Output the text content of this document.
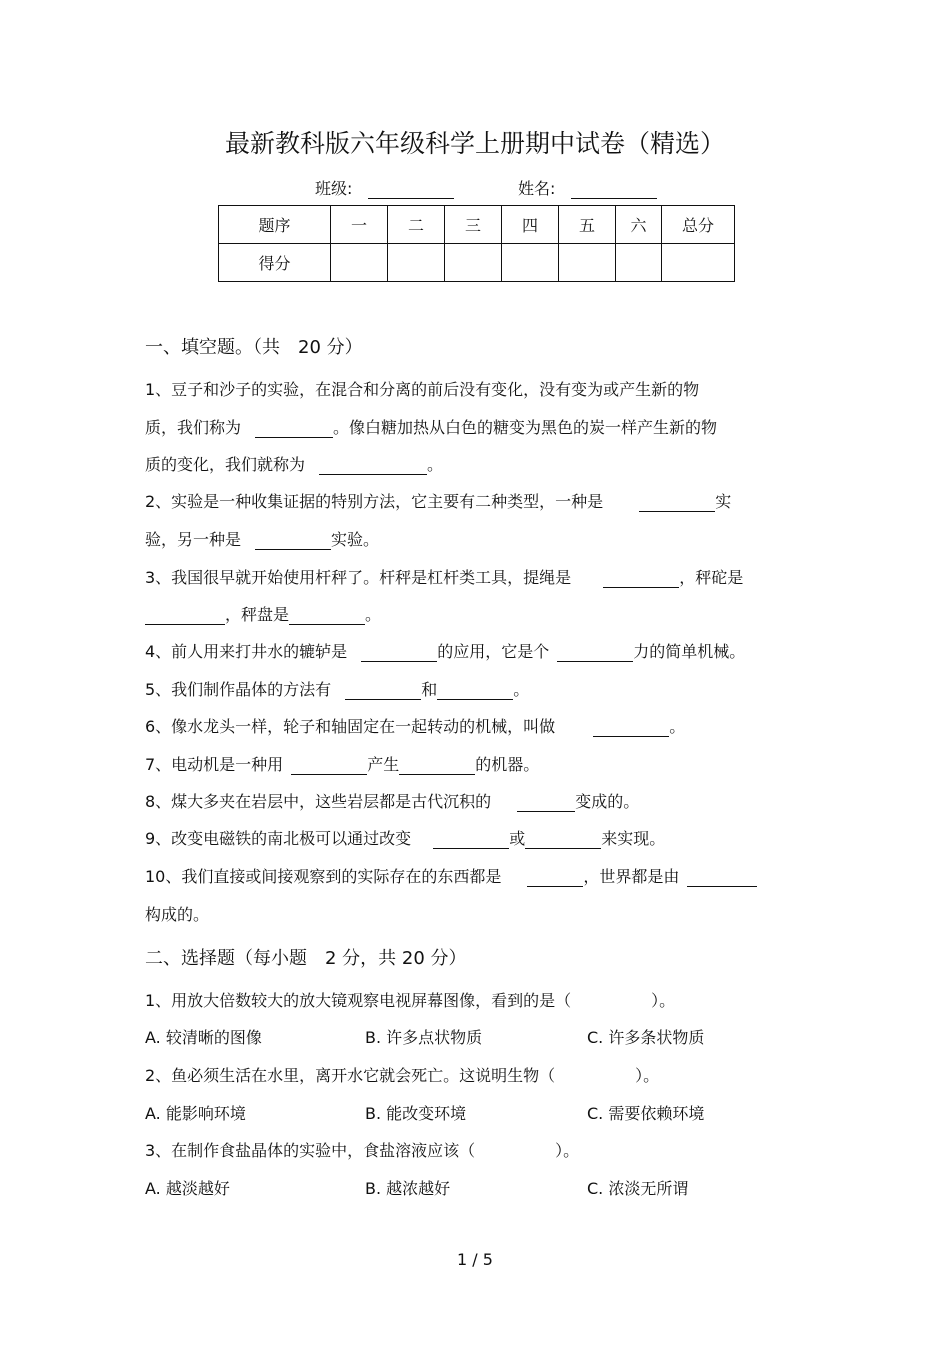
最新教科版六年级科学上册期中试卷（精选）
班级:	姓名:
题序	一	二	三	四	五	六	总分
得分							
一、填空题。（共　20 分）
1、豆子和沙子的实验，在混合和分离的前后没有变化，没有变为或产生新的物
质，我们称为	。像白糖加热从白色的糖变为黑色的炭一样产生新的物
质的变化，我们就称为	。
2、实验是一种收集证据的特别方法，它主要有二种类型，一种是	实
验，另一种是	实验。
3、我国很早就开始使用杆秤了。杆秤是杠杆类工具，提绳是	，秤砣是
，秤盘是	。
4、前人用来打井水的辘轳是	的应用，它是个	力的简单机械。
5、我们制作晶体的方法有	和	。
6、像水龙头一样，轮子和轴固定在一起转动的机械，叫做	。
7、电动机是一种用	产生	的机器。
8、煤大多夹在岩层中，这些岩层都是古代沉积的	变成的。
9、改变电磁铁的南北极可以通过改变	或	来实现。
10、我们直接或间接观察到的实际存在的东西都是	，世界都是由
构成的。
二、选择题（每小题　2 分，共 20 分）
1、用放大倍数较大的放大镜观察电视屏幕图像，看到的是（　　　　　）。
A. 较清晰的图像	B. 许多点状物质	C. 许多条状物质
2、鱼必须生活在水里，离开水它就会死亡。这说明生物（　　　　　）。
A. 能影响环境	B. 能改变环境	C. 需要依赖环境
3、在制作食盐晶体的实验中，食盐溶液应该（　　　　　）。
A. 越淡越好	B. 越浓越好	C. 浓淡无所谓
1 / 5
